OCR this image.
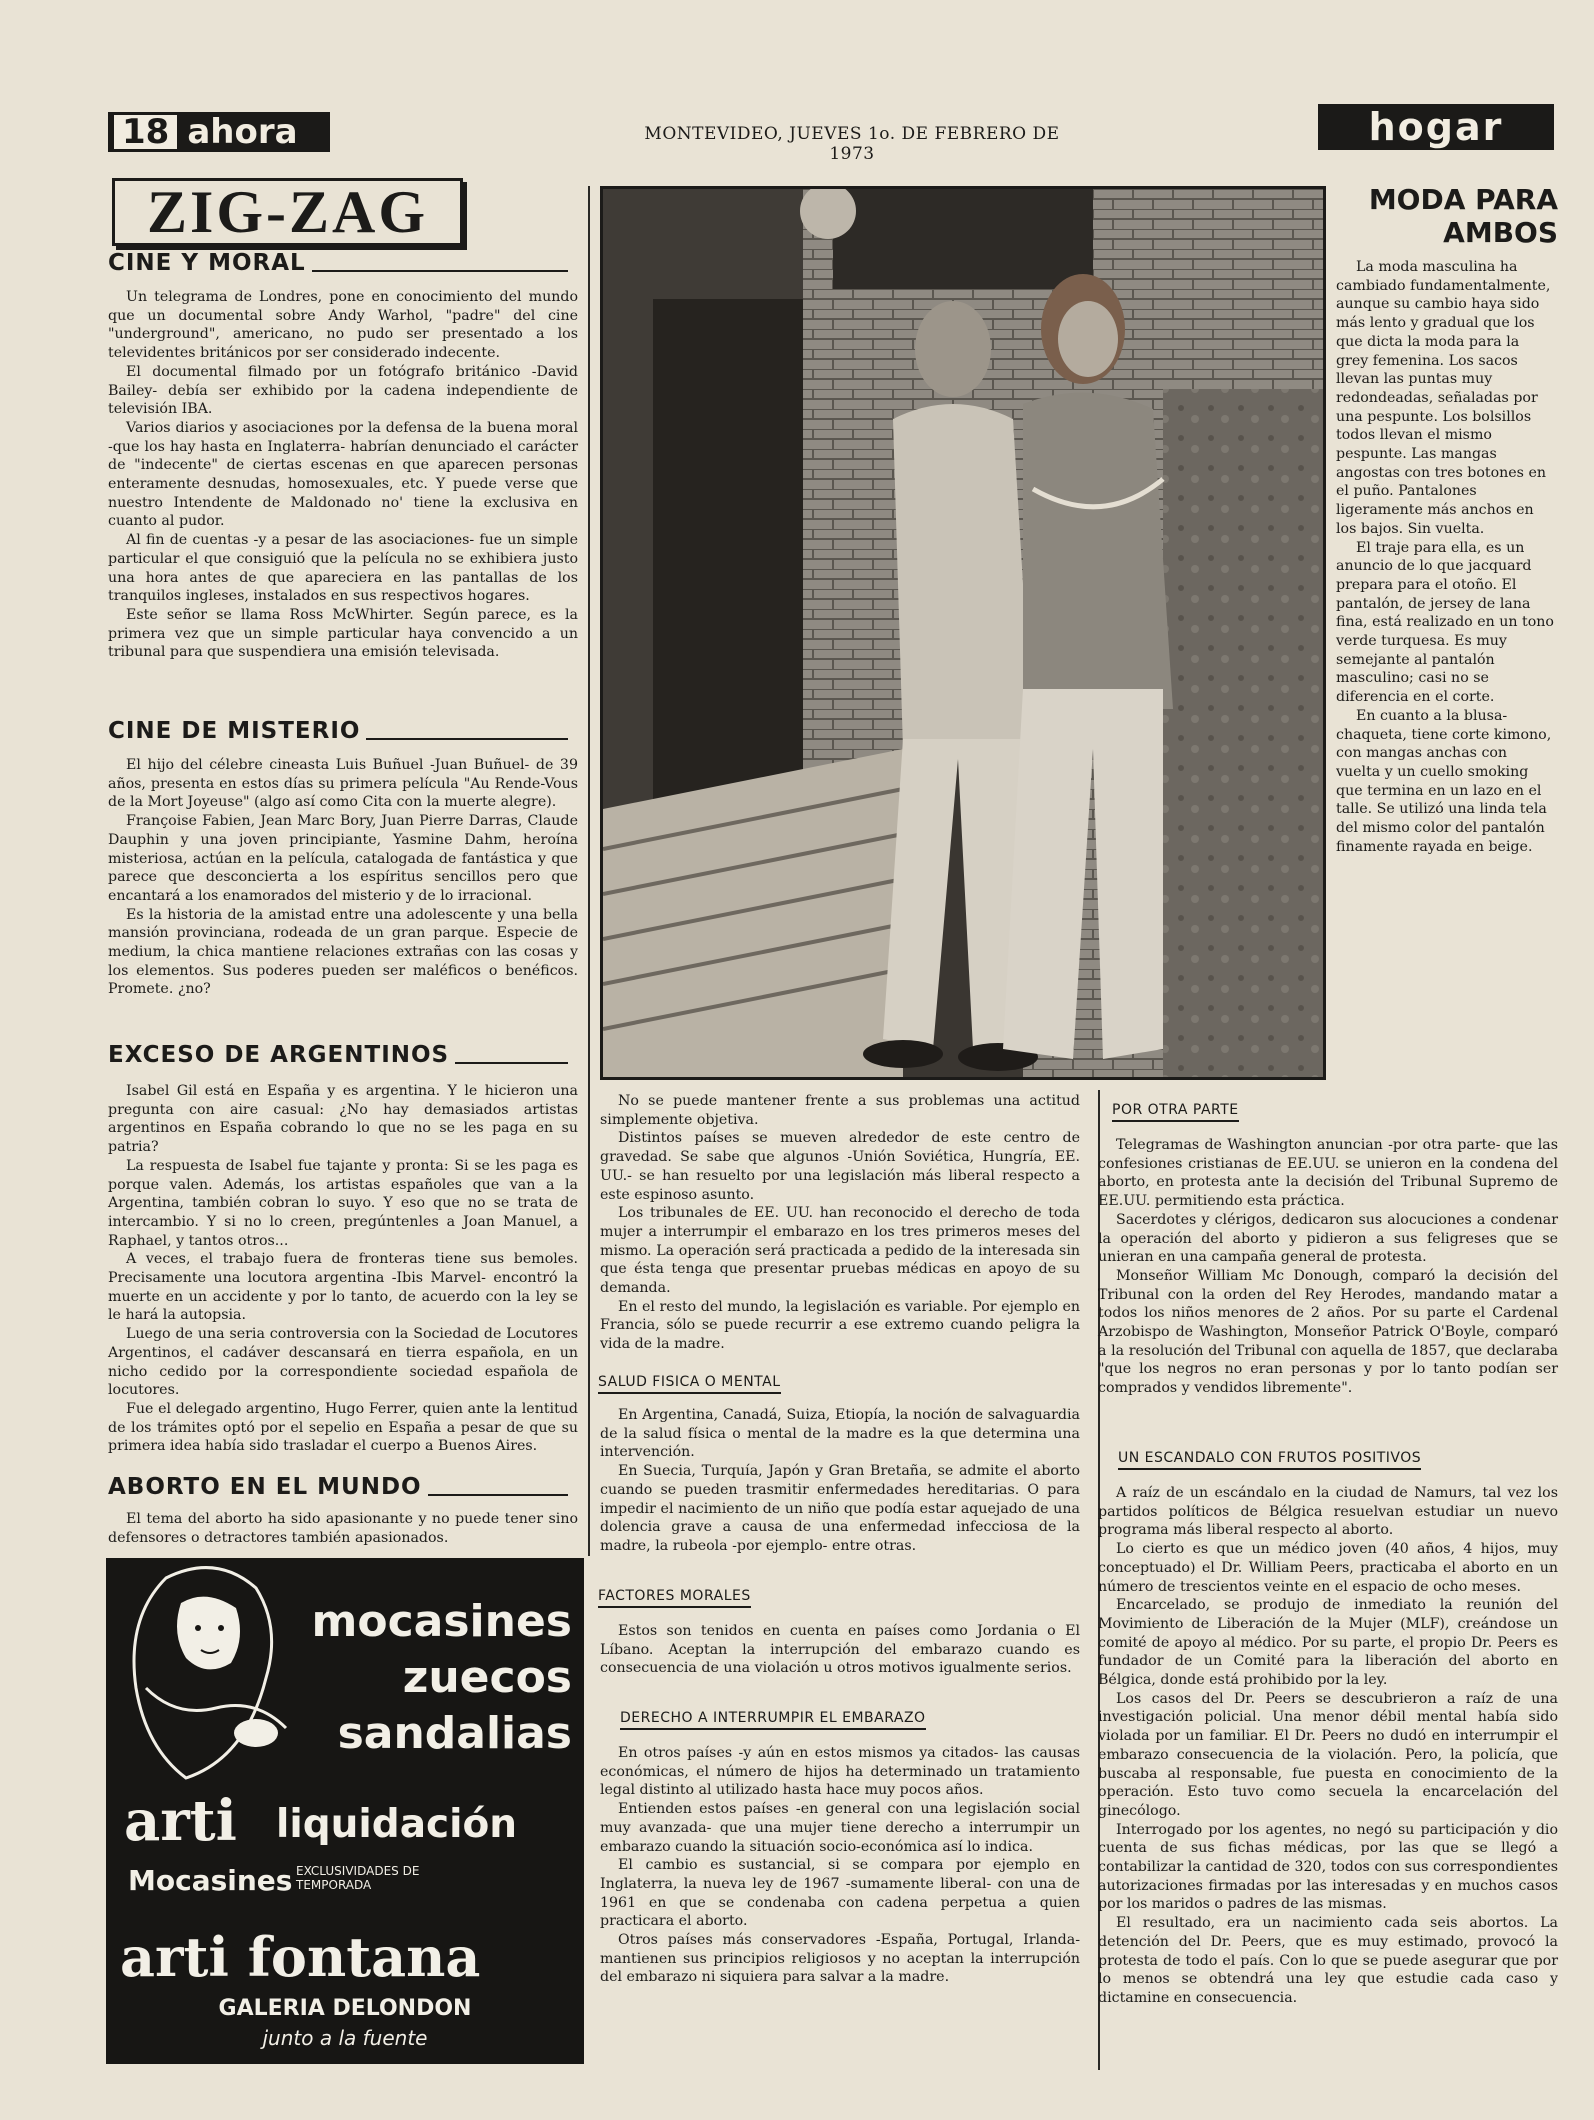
18 ahora	MONTEVIDEO, JUEVES 1o. DE FEBRERO DE 1973
hogar
ZIG-ZAG
CINE Y MORAL

Un telegrama de Londres, pone en conocimiento del mundo que un documental sobre Andy Warhol, "padre" del cine "underground", americano, no pudo ser presentado a los televidentes británicos por ser considerado indecente.

El documental filmado por un fotógrafo británico -David Bailey- debía ser exhibido por la cadena independiente de televisión IBA.

Varios diarios y asociaciones por la defensa de la buena moral -que los hay hasta en Inglaterra- habrían denunciado el carácter de "indecente" de ciertas escenas en que aparecen personas enteramente desnudas, homosexuales, etc. Y puede verse que nuestro Intendente de Maldonado no' tiene la exclusiva en cuanto al pudor.

Al fin de cuentas -y a pesar de las asociaciones- fue un simple particular el que consiguió que la película no se exhibiera justo una hora antes de que apareciera en las pantallas de los tranquilos ingleses, instalados en sus respectivos hogares.

Este señor se llama Ross McWhirter. Según parece, es la primera vez que un simple particular haya convencido a un tribunal para que suspendiera una emisión televisada.

CINE DE MISTERIO

El hijo del célebre cineasta Luis Buñuel -Juan Buñuel- de 39 años, presenta en estos días su primera película "Au Rende-Vous de la Mort Joyeuse" (algo así como Cita con la muerte alegre).

Françoise Fabien, Jean Marc Bory, Juan Pierre Darras, Claude Dauphin y una joven principiante, Yasmine Dahm, heroína misteriosa, actúan en la película, catalogada de fantástica y que parece que desconcierta a los espíritus sencillos pero que encantará a los enamorados del misterio y de lo irracional.

Es la historia de la amistad entre una adolescente y una bella mansión provinciana, rodeada de un gran parque. Especie de medium, la chica mantiene relaciones extrañas con las cosas y los elementos. Sus poderes pueden ser maléficos o benéficos. Promete. ¿no?

EXCESO DE ARGENTINOS

Isabel Gil está en España y es argentina. Y le hicieron una pregunta con aire casual: ¿No hay demasiados artistas argentinos en España cobrando lo que no se les paga en su patria?

La respuesta de Isabel fue tajante y pronta: Si se les paga es porque valen. Además, los artistas españoles que van a la Argentina, también cobran lo suyo. Y eso que no se trata de intercambio. Y si no lo creen, pregúntenles a Joan Manuel, a Raphael, y tantos otros...

A veces, el trabajo fuera de fronteras tiene sus bemoles. Precisamente una locutora argentina -Ibis Marvel- encontró la muerte en un accidente y por lo tanto, de acuerdo con la ley se le hará la autopsia.

Luego de una seria controversia con la Sociedad de Locutores Argentinos, el cadáver descansará en tierra española, en un nicho cedido por la correspondiente sociedad española de locutores.

Fue el delegado argentino, Hugo Ferrer, quien ante la lentitud de los trámites optó por el sepelio en España a pesar de que su primera idea había sido trasladar el cuerpo a Buenos Aires.

ABORTO EN EL MUNDO

El tema del aborto ha sido apasionante y no puede tener sino defensores o detractores también apasionados.

MODA PARA
AMBOS

La moda masculina ha cambiado fundamentalmente, aunque su cambio haya sido más lento y gradual que los que dicta la moda para la grey femenina. Los sacos llevan las puntas muy redondeadas, señaladas por una pespunte. Los bolsillos todos llevan el mismo pespunte. Las mangas angostas con tres botones en el puño. Pantalones ligeramente más anchos en los bajos. Sin vuelta.

El traje para ella, es un anuncio de lo que jacquard prepara para el otoño. El pantalón, de jersey de lana fina, está realizado en un tono verde turquesa. Es muy semejante al pantalón masculino; casi no se diferencia en el corte.

En cuanto a la blusa-chaqueta, tiene corte kimono, con mangas anchas con vuelta y un cuello smoking que termina en un lazo en el talle. Se utilizó una linda tela del mismo color del pantalón finamente rayada en beige.

No se puede mantener frente a sus problemas una actitud simplemente objetiva.

Distintos países se mueven alrededor de este centro de gravedad. Se sabe que algunos -Unión Soviética, Hungría, EE. UU.- se han resuelto por una legislación más liberal respecto a este espinoso asunto.

Los tribunales de EE. UU. han reconocido el derecho de toda mujer a interrumpir el embarazo en los tres primeros meses del mismo. La operación será practicada a pedido de la interesada sin que ésta tenga que presentar pruebas médicas en apoyo de su demanda.

En el resto del mundo, la legislación es variable. Por ejemplo en Francia, sólo se puede recurrir a ese extremo cuando peligra la vida de la madre.

SALUD FISICA O MENTAL

En Argentina, Canadá, Suiza, Etiopía, la noción de salvaguardia de la salud física o mental de la madre es la que determina una intervención.

En Suecia, Turquía, Japón y Gran Bretaña, se admite el aborto cuando se pueden trasmitir enfermedades hereditarias. O para impedir el nacimiento de un niño que podía estar aquejado de una dolencia grave a causa de una enfermedad infecciosa de la madre, la rubeola -por ejemplo- entre otras.

FACTORES MORALES

Estos son tenidos en cuenta en países como Jordania o El Líbano. Aceptan la interrupción del embarazo cuando es consecuencia de una violación u otros motivos igualmente serios.

DERECHO A INTERRUMPIR EL EMBARAZO

En otros países -y aún en estos mismos ya citados- las causas económicas, el número de hijos ha determinado un tratamiento legal distinto al utilizado hasta hace muy pocos años.

Entienden estos países -en general con una legislación social muy avanzada- que una mujer tiene derecho a interrumpir un embarazo cuando la situación socio-económica así lo indica.

El cambio es sustancial, si se compara por ejemplo en Inglaterra, la nueva ley de 1967 -sumamente liberal- con una de 1961 en que se condenaba con cadena perpetua a quien practicara el aborto.

Otros países más conservadores -España, Portugal, Irlanda- mantienen sus principios religiosos y no aceptan la interrupción del embarazo ni siquiera para salvar a la madre.

POR OTRA PARTE

Telegramas de Washington anuncian -por otra parte- que las confesiones cristianas de EE.UU. se unieron en la condena del aborto, en protesta ante la decisión del Tribunal Supremo de EE.UU. permitiendo esta práctica.

Sacerdotes y clérigos, dedicaron sus alocuciones a condenar la operación del aborto y pidieron a sus feligreses que se unieran en una campaña general de protesta.

Monseñor William Mc Donough, comparó la decisión del Tribunal con la orden del Rey Herodes, mandando matar a todos los niños menores de 2 años. Por su parte el Cardenal Arzobispo de Washington, Monseñor Patrick O'Boyle, comparó a la resolución del Tribunal con aquella de 1857, que declaraba "que los negros no eran personas y por lo tanto podían ser comprados y vendidos libremente".

UN ESCANDALO CON FRUTOS POSITIVOS

A raíz de un escándalo en la ciudad de Namurs, tal vez los partidos políticos de Bélgica resuelvan estudiar un nuevo programa más liberal respecto al aborto.

Lo cierto es que un médico joven (40 años, 4 hijos, muy conceptuado) el Dr. William Peers, practicaba el aborto en un número de trescientos veinte en el espacio de ocho meses.

Encarcelado, se produjo de inmediato la reunión del Movimiento de Liberación de la Mujer (MLF), creándose un comité de apoyo al médico. Por su parte, el propio Dr. Peers es fundador de un Comité para la liberación del aborto en Bélgica, donde está prohibido por la ley.

Los casos del Dr. Peers se descubrieron a raíz de una investigación policial. Una menor débil mental había sido violada por un familiar. El Dr. Peers no dudó en interrumpir el embarazo consecuencia de la violación. Pero, la policía, que buscaba al responsable, fue puesta en conocimiento de la operación. Esto tuvo como secuela la encarcelación del ginecólogo.

Interrogado por los agentes, no negó su participación y dio cuenta de sus fichas médicas, por las que se llegó a contabilizar la cantidad de 320, todos con sus correspondientes autorizaciones firmadas por las interesadas y en muchos casos por los maridos o padres de las mismas.

El resultado, era un nacimiento cada seis abortos. La detención del Dr. Peers, que es muy estimado, provocó la protesta de todo el país. Con lo que se puede asegurar que por lo menos se obtendrá una ley que estudie cada caso y dictamine en consecuencia.

mocasines
zuecos
sandalias
arti liquidación
Mocasines EXCLUSIVIDADES DE TEMPORADA
arti fontana
GALERIA DELONDON
junto a la fuente
